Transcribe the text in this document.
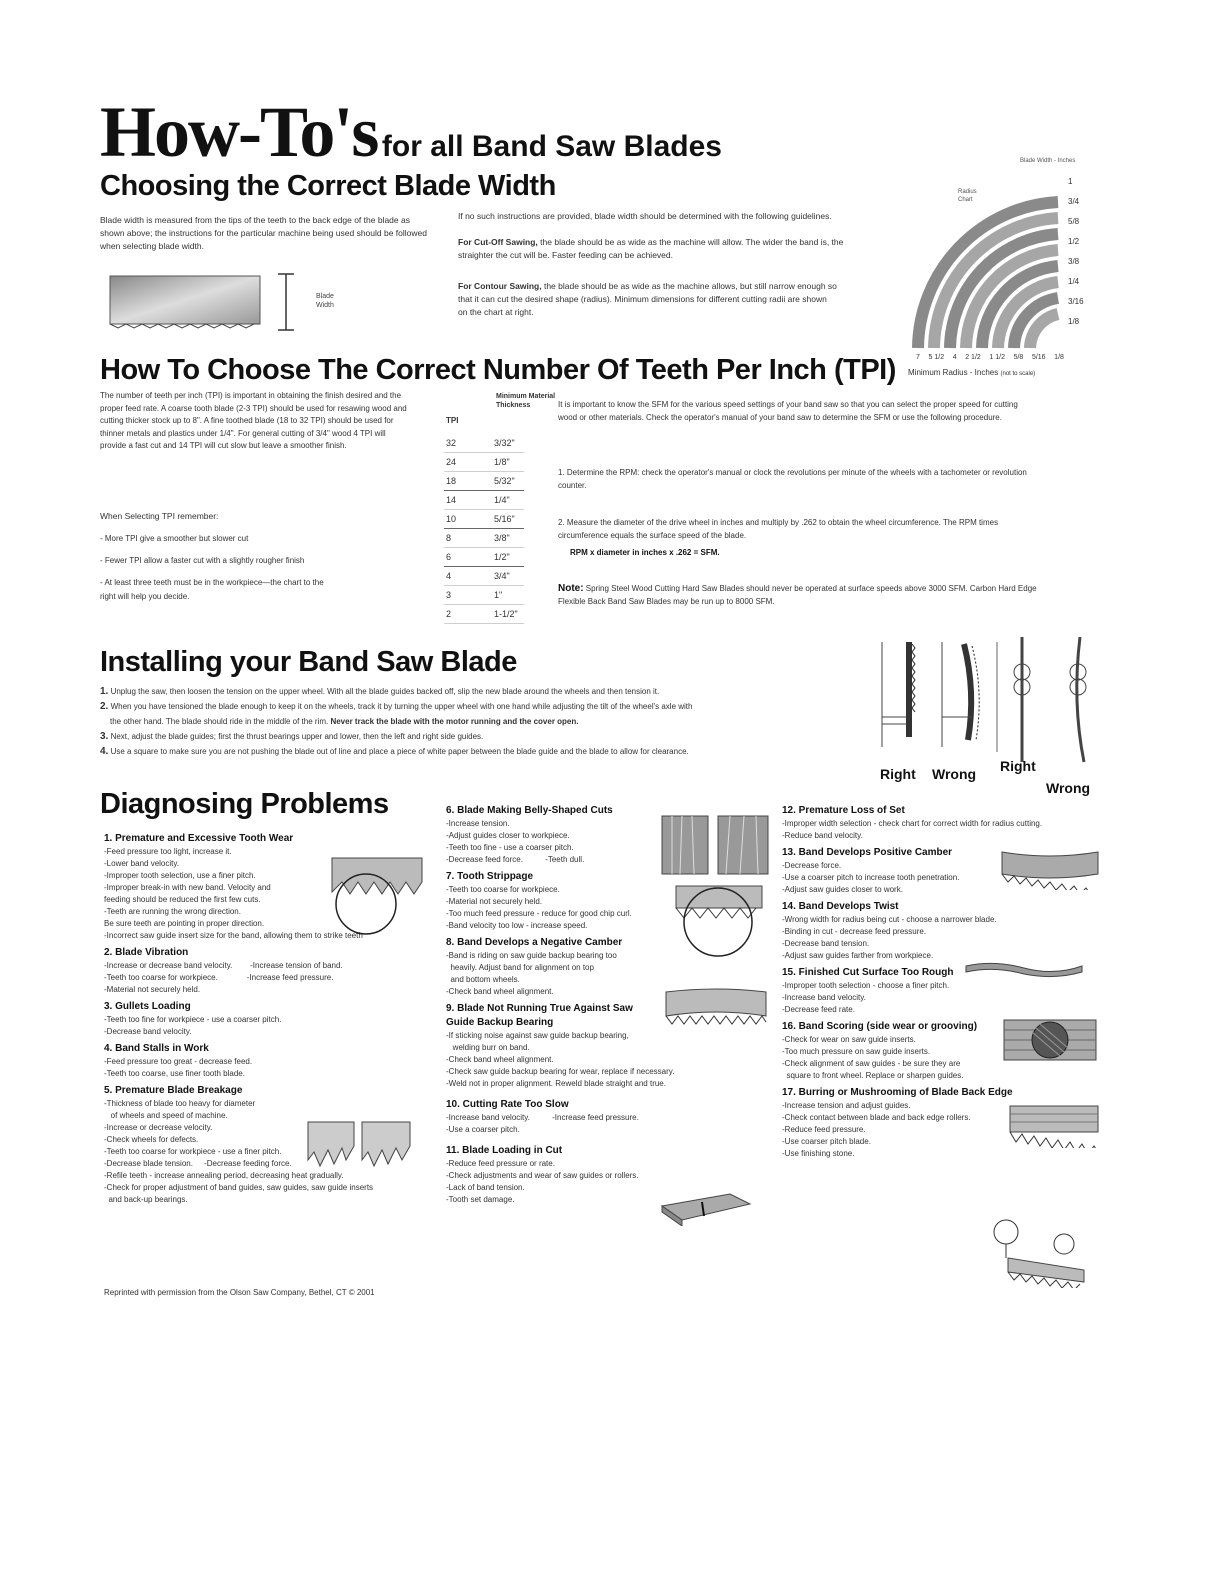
How-To's for all Band Saw Blades
Choosing the Correct Blade Width
Blade width is measured from the tips of the teeth to the back edge of the blade as shown above; the instructions for the particular machine being used should be followed when selecting blade width.
Blade Width
If no such instructions are provided, blade width should be determined with the following guidelines.
For Cut-Off Sawing, the blade should be as wide as the machine will allow. The wider the band is, the straighter the cut will be. Faster feeding can be achieved.
For Contour Sawing, the blade should be as wide as the machine allows, but still narrow enough so that it can cut the desired shape (radius). Minimum dimensions for different cutting radii are shown on the chart at right.
Blade Width - Inches
Radius Chart
1
3/4
5/8
1/2
3/8
1/4
3/16
1/8
7 5 1/2 4 2 1/2 1 1/2 5/8 5/16 1/8
Minimum Radius - Inches (not to scale)
How To Choose The Correct Number Of Teeth Per Inch (TPI)
The number of teeth per inch (TPI) is important in obtaining the finish desired and the proper feed rate. A coarse tooth blade (2-3 TPI) should be used for resawing wood and cutting thicker stock up to 8". A fine toothed blade (18 to 32 TPI) should be used for thinner metals and plastics under 1/4". For general cutting of 3/4" wood 4 TPI will provide a fast cut and 14 TPI will cut slow but leave a smoother finish.
When Selecting TPI remember:
- More TPI give a smoother but slower cut
- Fewer TPI allow a faster cut with a slightly rougher finish
- At least three teeth must be in the workpiece—the chart to the right will help you decide.
TPI
Minimum Material Thickness
32	3/32"
24	1/8"
18	5/32"
14	1/4"
10	5/16"
8	3/8"
6	1/2"
4	3/4"
3	1"
2	1-1/2"
It is important to know the SFM for the various speed settings of your band saw so that you can select the proper speed for cutting wood or other materials. Check the operator's manual of your band saw to determine the SFM or use the following procedure.
1. Determine the RPM: check the operator's manual or clock the revolutions per minute of the wheels with a tachometer or revolution counter.
2. Measure the diameter of the drive wheel in inches and multiply by .262 to obtain the wheel circumference. The RPM times circumference equals the surface speed of the blade.
RPM x diameter in inches x .262 = SFM.
Note: Spring Steel Wood Cutting Hard Saw Blades should never be operated at surface speeds above 3000 SFM. Carbon Hard Edge Flexible Back Band Saw Blades may be run up to 8000 SFM.
Installing your Band Saw Blade
1. Unplug the saw, then loosen the tension on the upper wheel. With all the blade guides backed off, slip the new blade around the wheels and then tension it.
2. When you have tensioned the blade enough to keep it on the wheels, track it by turning the upper wheel with one hand while adjusting the tilt of the wheel's axle with
the other hand. The blade should ride in the middle of the rim. Never track the blade with the motor running and the cover open.
3. Next, adjust the blade guides; first the thrust bearings upper and lower, then the left and right side guides.
4. Use a square to make sure you are not pushing the blade out of line and place a piece of white paper between the blade guide and the blade to allow for clearance.
Right Wrong Right
Wrong
Diagnosing Problems
1. Premature and Excessive Tooth Wear
-Feed pressure too light, increase it.
-Lower band velocity.
-Improper tooth selection, use a finer pitch.
-Improper break-in with new band. Velocity and
feeding should be reduced the first few cuts.
-Teeth are running the wrong direction.
Be sure teeth are pointing in proper direction.
-Incorrect saw guide insert size for the band, allowing them to strike teeth
2. Blade Vibration
-Increase or decrease band velocity.        -Increase tension of band.
-Teeth too coarse for workpiece.             -Increase feed pressure.
-Material not securely held.
3. Gullets Loading
-Teeth too fine for workpiece - use a coarser pitch.
-Decrease band velocity.
4. Band Stalls in Work
-Feed pressure too great - decrease feed.
-Teeth too coarse, use finer tooth blade.
5. Premature Blade Breakage
-Thickness of blade too heavy for diameter
of wheels and speed of machine.
-Increase or decrease velocity.
-Check wheels for defects.
-Teeth too coarse for workpiece - use a finer pitch.
-Decrease blade tension.     -Decrease feeding force.
-Refile teeth - increase annealing period, decreasing heat gradually.
-Check for proper adjustment of band guides, saw guides, saw guide inserts
and back-up bearings.
6. Blade Making Belly-Shaped Cuts
-Increase tension.
-Adjust guides closer to workpiece.
-Teeth too fine - use a coarser pitch.
-Decrease feed force.          -Teeth dull.
7. Tooth Strippage
-Teeth too coarse for workpiece.
-Material not securely held.
-Too much feed pressure - reduce for good chip curl.
-Band velocity too low - increase speed.
8. Band Develops a Negative Camber
-Band is riding on saw guide backup bearing too
heavily. Adjust band for alignment on top
and bottom wheels.
-Check band wheel alignment.
9. Blade Not Running True Against Saw Guide Backup Bearing
-If sticking noise against saw guide backup bearing,
welding burr on band.
-Check band wheel alignment.
-Check saw guide backup bearing for wear, replace if necessary.
-Weld not in proper alignment. Reweld blade straight and true.
10. Cutting Rate Too Slow
-Increase band velocity.          -Increase feed pressure.
-Use a coarser pitch.
11. Blade Loading in Cut
-Reduce feed pressure or rate.
-Check adjustments and wear of saw guides or rollers.
-Lack of band tension.
-Tooth set damage.
12. Premature Loss of Set
-Improper width selection - check chart for correct width for radius cutting.
-Reduce band velocity.
13. Band Develops Positive Camber
-Decrease force.
-Use a coarser pitch to increase tooth penetration.
-Adjust saw guides closer to work.
14. Band Develops Twist
-Wrong width for radius being cut - choose a narrower blade.
-Binding in cut - decrease feed pressure.
-Decrease band tension.
-Adjust saw guides farther from workpiece.
15. Finished Cut Surface Too Rough
-Improper tooth selection - choose a finer pitch.
-Increase band velocity.
-Decrease feed rate.
16. Band Scoring (side wear or grooving)
-Check for wear on saw guide inserts.
-Too much pressure on saw guide inserts.
-Check alignment of saw guides - be sure they are
square to front wheel. Replace or sharpen guides.
17. Burring or Mushrooming of Blade Back Edge
-Increase tension and adjust guides.
-Check contact between blade and back edge rollers.
-Reduce feed pressure.
-Use coarser pitch blade.
-Use finishing stone.
Reprinted with permission from the Olson Saw Company, Bethel, CT © 2001
